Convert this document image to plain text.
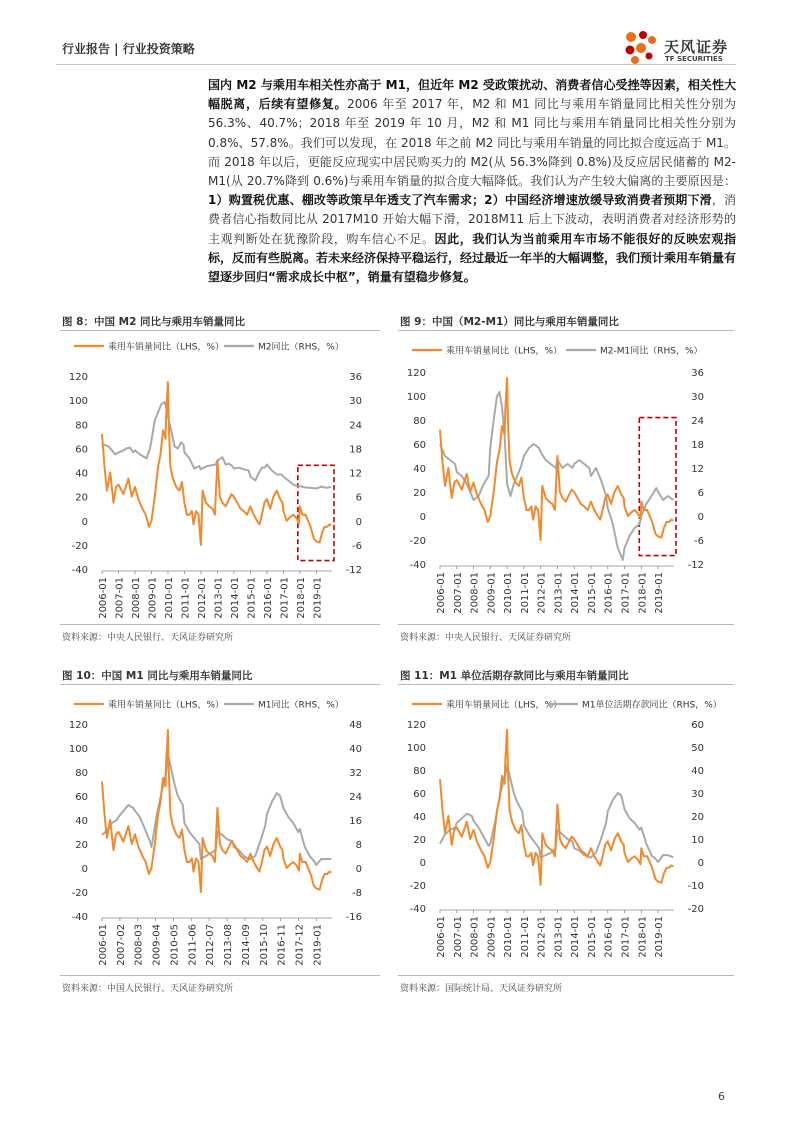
行业报告 | 行业投资策略	天风证券
TF SECURITIES

国内 M2 与乘用车相关性亦高于 M1，但近年 M2 受政策扰动、消费者信心受挫等因素，相关性大幅脱离，后续有望修复。2006 年至 2017 年，M2 和 M1 同比与乘用车销量同比相关性分别为 56.3%、40.7%；2018 年至 2019 年 10 月，M2 和 M1 同比与乘用车销量同比相关性分别为 0.8%、57.8%。我们可以发现，在 2018 年之前 M2 同比与乘用车销量的同比拟合度远高于 M1。而 2018 年以后，更能反应现实中居民购买力的 M2(从 56.3%降到 0.8%)及反应居民储蓄的 M2-M1(从 20.7%降到 0.6%)与乘用车销量的拟合度大幅降低。我们认为产生较大偏离的主要原因是：1）购置税优惠、棚改等政策早年透支了汽车需求；2）中国经济增速放缓导致消费者预期下滑，消费者信心指数同比从 2017M10 开始大幅下滑，2018M11 后上下波动，表明消费者对经济形势的主观判断处在犹豫阶段，购车信心不足。因此，我们认为当前乘用车市场不能很好的反映宏观指标，反而有些脱离。若未来经济保持平稳运行，经过最近一年半的大幅调整，我们预计乘用车销量有望逐步回归“需求成长中枢”，销量有望稳步修复。

图 8：中国 M2 同比与乘用车销量同比
乘用车销量同比（LHS，%）	M2同比（RHS，%）
120
100
80
60
40
20
0
-20
-40
36
30
24
18
12
6
0
-6
-12
2006-01 2007-01 2008-01 2009-01 2010-01 2011-01 2012-01 2013-01 2014-01 2015-01 2016-01 2017-01 2018-01 2019-01
资料来源：中央人民银行、天风证券研究所
图 9：中国（M2-M1）同比与乘用车销量同比
乘用车销量同比（LHS，%）	M2-M1同比（RHS，%）
120
100
80
60
40
20
0
-20
-40
36
30
24
18
12
6
0
-6
-12
2006-01 2007-01 2008-01 2009-01 2010-01 2011-01 2012-01 2013-01 2014-01 2015-01 2016-01 2017-01 2018-01 2019-01
资料来源：中央人民银行、天风证券研究所
图 10：中国 M1 同比与乘用车销量同比
乘用车销量同比（LHS，%）	M1同比（RHS，%）
120
100
80
60
40
20
0
-20
-40
48
40
32
24
16
8
0
-8
-16
2006-01 2007-02 2008-03 2009-04 2010-05 2011-06 2012-07 2013-08 2014-09 2015-10 2016-11 2017-12 2019-01
资料来源：中国人民银行、天风证券研究所
图 11：M1 单位活期存款同比与乘用车销量同比
乘用车销量同比（LHS，%） M1单位活期存款同比（RHS，%）
120
100
80
60
40
20
0
-20
-40
60
50
40
30
20
10
0
-10
-20
2006-01 2007-01 2008-01 2009-01 2010-01 2011-01 2012-01 2013-01 2014-01 2015-01 2016-01 2017-01 2018-01 2019-01
资料来源：国际统计局、天风证券研究所
6
